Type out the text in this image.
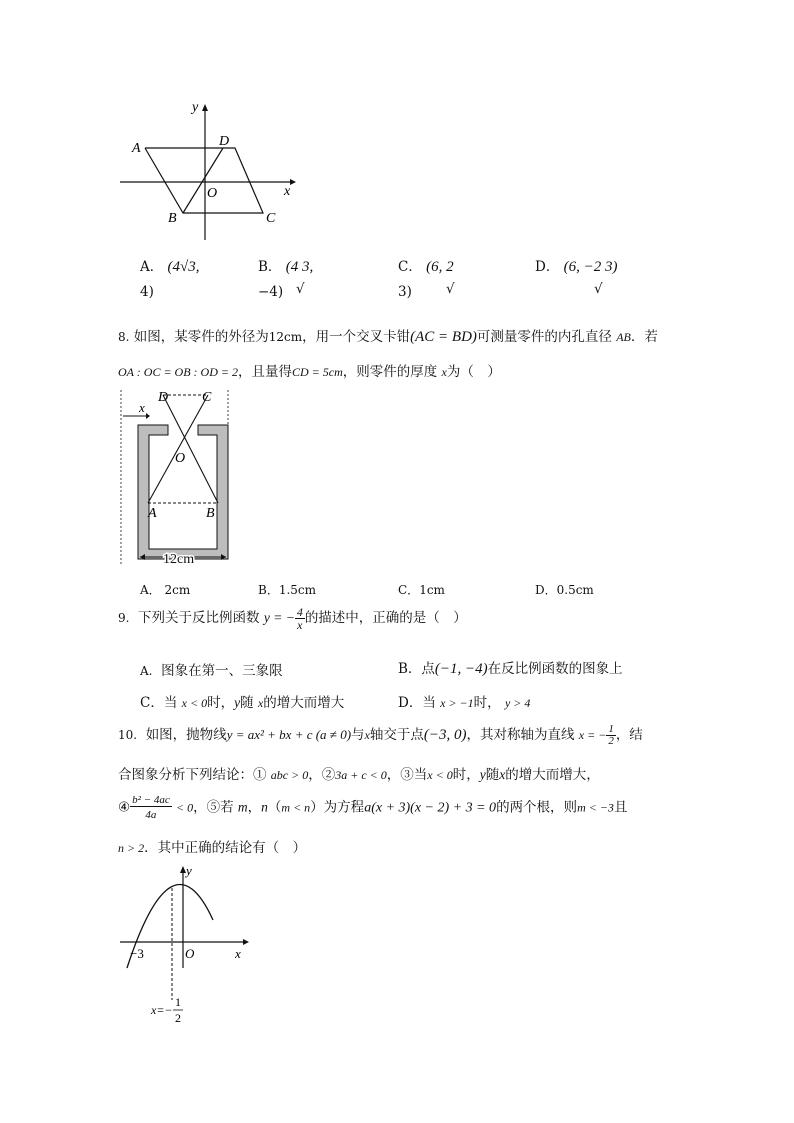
y
x
A	D
O
B	C
A． (4√3,
4)
B． (4 3,
−4) √
C． (6, 2
3)	√
D． (6, −2 3)
√
8. 如图，某零件的外径为12cm，用一个交叉卡钳(AC = BD)可测量零件的内孔直径 AB．若
OA : OC = OB : OD = 2，且量得CD = 5cm，则零件的厚度 x为（　）
D C
x
O
A	B
12cm
A． 2cm	B．1.5cm	C．1cm	D．0.5cm
9. 下列关于反比例函数 y = − $\frac{4}{x}$ 的描述中，正确的是（　）
A. 图象在第一、三象限	B．点(−1, −4)在反比例函数的图象上
C．当 x < 0时，y随 x的增大而增大	D．当 x > −1时， y > 4
10. 如图，抛物线y = ax² + bx + c (a ≠ 0)与x轴交于点(−3, 0)，其对称轴为直线 x = − $\frac{1}{2}$ ，结
合图象分析下列结论：① abc > 0，②3a + c < 0，③当x < 0时，y随x的增大而增大，
④ $\frac{\text{b² − 4ac}}{4a} < 0$，⑤若 m，n（m < n）为方程a(x + 3)(x − 2) + 3 = 0的两个根，则m < −3且
n > 2．其中正确的结论有（　）
y
x
−3	O
x=−
1
2
